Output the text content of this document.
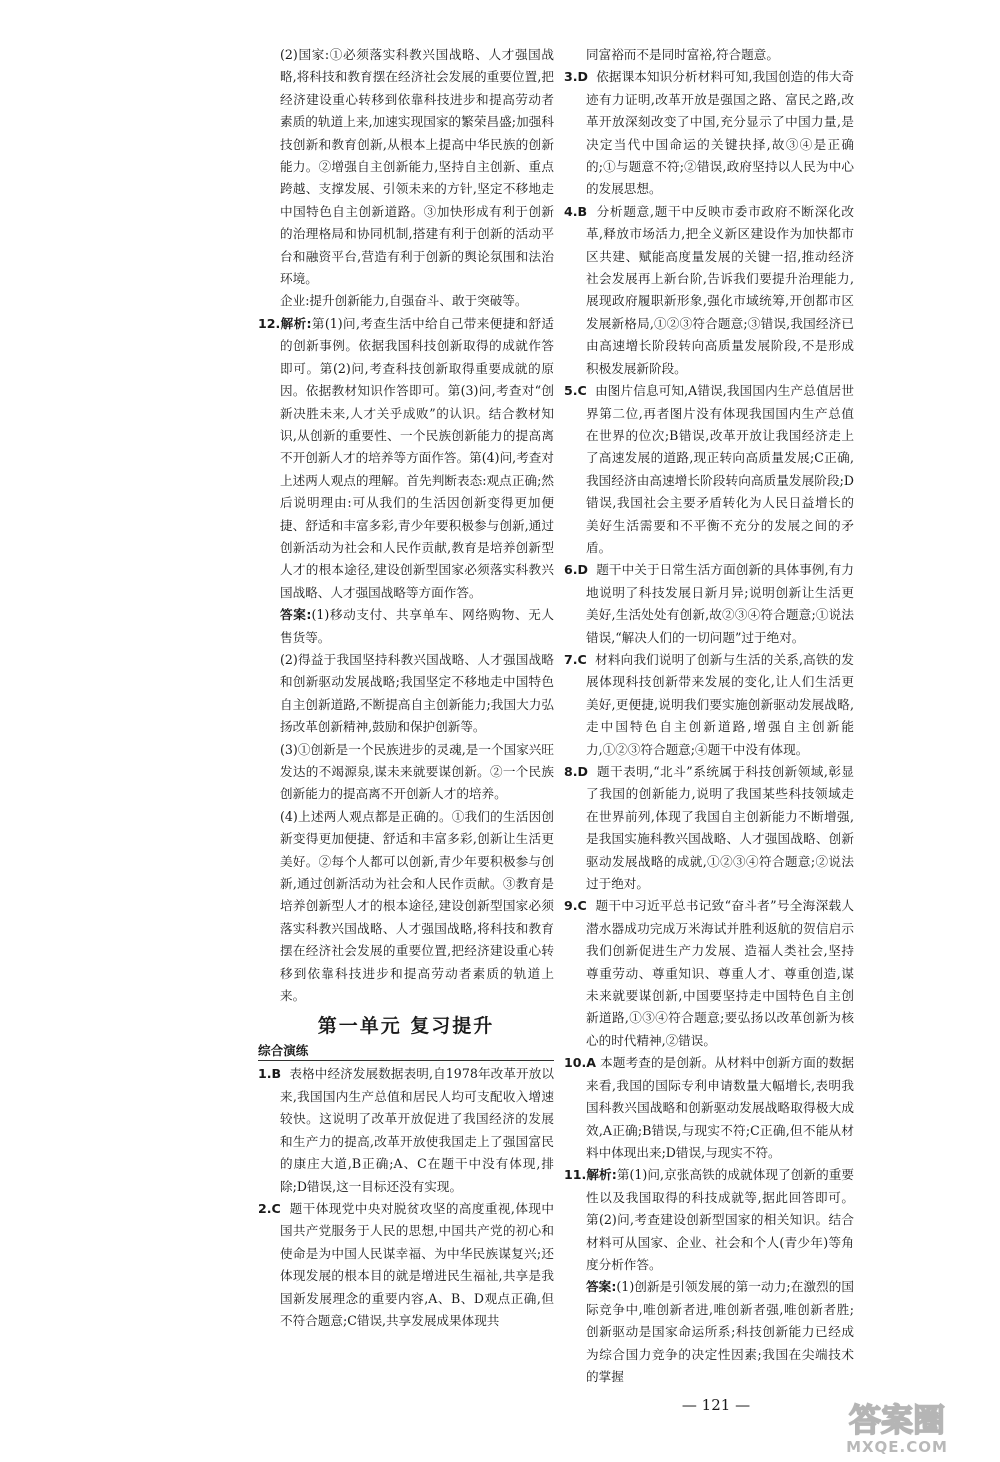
(2)国家:①必须落实科教兴国战略、人才强国战略,将科技和教育摆在经济社会发展的重要位置,把经济建设重心转移到依靠科技进步和提高劳动者素质的轨道上来,加速实现国家的繁荣昌盛;加强科技创新和教育创新,从根本上提高中华民族的创新能力。②增强自主创新能力,坚持自主创新、重点跨越、支撑发展、引领未来的方针,坚定不移地走中国特色自主创新道路。③加快形成有利于创新的治理格局和协同机制,搭建有利于创新的活动平台和融资平台,营造有利于创新的舆论氛围和法治环境。

企业:提升创新能力,自强奋斗、敢于突破等。

12.解析:第(1)问,考查生活中给自己带来便捷和舒适的创新事例。依据我国科技创新取得的成就作答即可。第(2)问,考查科技创新取得重要成就的原因。依据教材知识作答即可。第(3)问,考查对“创新决胜未来,人才关乎成败”的认识。结合教材知识,从创新的重要性、一个民族创新能力的提高离不开创新人才的培养等方面作答。第(4)问,考查对上述两人观点的理解。首先判断表态:观点正确;然后说明理由:可从我们的生活因创新变得更加便捷、舒适和丰富多彩,青少年要积极参与创新,通过创新活动为社会和人民作贡献,教育是培养创新型人才的根本途径,建设创新型国家必须落实科教兴国战略、人才强国战略等方面作答。

答案:(1)移动支付、共享单车、网络购物、无人售货等。

(2)得益于我国坚持科教兴国战略、人才强国战略和创新驱动发展战略;我国坚定不移地走中国特色自主创新道路,不断提高自主创新能力;我国大力弘扬改革创新精神,鼓励和保护创新等。

(3)①创新是一个民族进步的灵魂,是一个国家兴旺发达的不竭源泉,谋未来就要谋创新。②一个民族创新能力的提高离不开创新人才的培养。

(4)上述两人观点都是正确的。①我们的生活因创新变得更加便捷、舒适和丰富多彩,创新让生活更美好。②每个人都可以创新,青少年要积极参与创新,通过创新活动为社会和人民作贡献。③教育是培养创新型人才的根本途径,建设创新型国家必须落实科教兴国战略、人才强国战略,将科技和教育摆在经济社会发展的重要位置,把经济建设重心转移到依靠科技进步和提高劳动者素质的轨道上来。

第一单元 复习提升
综合演练

1.B 表格中经济发展数据表明,自1978年改革开放以来,我国国内生产总值和居民人均可支配收入增速较快。这说明了改革开放促进了我国经济的发展和生产力的提高,改革开放使我国走上了强国富民的康庄大道,B正确;A、C在题干中没有体现,排除;D错误,这一目标还没有实现。

2.C 题干体现党中央对脱贫攻坚的高度重视,体现中国共产党服务于人民的思想,中国共产党的初心和使命是为中国人民谋幸福、为中华民族谋复兴;还体现发展的根本目的就是增进民生福祉,共享是我国新发展理念的重要内容,A、B、D观点正确,但不符合题意;C错误,共享发展成果体现共

同富裕而不是同时富裕,符合题意。

3.D 依据课本知识分析材料可知,我国创造的伟大奇迹有力证明,改革开放是强国之路、富民之路,改革开放深刻改变了中国,充分显示了中国力量,是决定当代中国命运的关键抉择,故③④是正确的;①与题意不符;②错误,政府坚持以人民为中心的发展思想。

4.B 分析题意,题干中反映市委市政府不断深化改革,释放市场活力,把全义新区建设作为加快都市区共建、赋能高度量发展的关键一招,推动经济社会发展再上新台阶,告诉我们要提升治理能力,展现政府履职新形象,强化市域统筹,开创都市区发展新格局,①②③符合题意;③错误,我国经济已由高速增长阶段转向高质量发展阶段,不是形成积极发展新阶段。

5.C 由图片信息可知,A错误,我国国内生产总值居世界第二位,再者图片没有体现我国国内生产总值在世界的位次;B错误,改革开放让我国经济走上了高速发展的道路,现正转向高质量发展;C正确,我国经济由高速增长阶段转向高质量发展阶段;D错误,我国社会主要矛盾转化为人民日益增长的美好生活需要和不平衡不充分的发展之间的矛盾。

6.D 题干中关于日常生活方面创新的具体事例,有力地说明了科技发展日新月异;说明创新让生活更美好,生活处处有创新,故②③④符合题意;①说法错误,“解决人们的一切问题”过于绝对。

7.C 材料向我们说明了创新与生活的关系,高铁的发展体现科技创新带来发展的变化,让人们生活更美好,更便捷,说明我们要实施创新驱动发展战略,走中国特色自主创新道路,增强自主创新能力,①②③符合题意;④题干中没有体现。

8.D 题干表明,“北斗”系统属于科技创新领域,彰显了我国的创新能力,说明了我国某些科技领域走在世界前列,体现了我国自主创新能力不断增强,是我国实施科教兴国战略、人才强国战略、创新驱动发展战略的成就,①②③④符合题意;②说法过于绝对。

9.C 题干中习近平总书记致“奋斗者”号全海深载人潜水器成功完成万米海试并胜利返航的贺信启示我们创新促进生产力发展、造福人类社会,坚持尊重劳动、尊重知识、尊重人才、尊重创造,谋未来就要谋创新,中国要坚持走中国特色自主创新道路,①③④符合题意;要弘扬以改革创新为核心的时代精神,②错误。

10.A 本题考查的是创新。从材料中创新方面的数据来看,我国的国际专利申请数量大幅增长,表明我国科教兴国战略和创新驱动发展战略取得极大成效,A正确;B错误,与现实不符;C正确,但不能从材料中体现出来;D错误,与现实不符。

11.解析:第(1)问,京张高铁的成就体现了创新的重要性以及我国取得的科技成就等,据此回答即可。第(2)问,考查建设创新型国家的相关知识。结合材料可从国家、企业、社会和个人(青少年)等角度分析作答。

答案:(1)创新是引领发展的第一动力;在激烈的国际竞争中,唯创新者进,唯创新者强,唯创新者胜;创新驱动是国家命运所系;科技创新能力已经成为综合国力竞争的决定性因素;我国在尖端技术的掌握

— 121 —	答案圈
MXQE.COM
